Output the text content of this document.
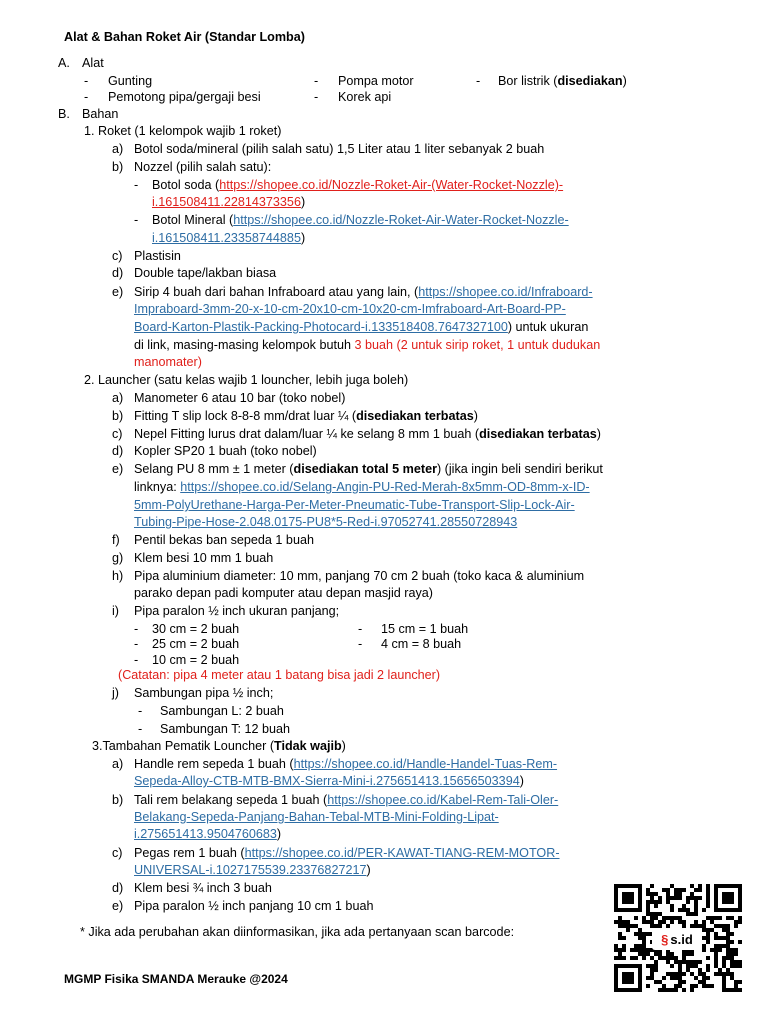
Alat & Bahan Roket Air (Standar Lomba)
A. Alat
- Gunting	- Pompa motor	- Bor listrik (disediakan)
- Pemotong pipa/gergaji besi	- Korek api
B. Bahan
1. Roket (1 kelompok wajib 1 roket)
a) Botol soda/mineral (pilih salah satu) 1,5 Liter atau 1 liter sebanyak 2 buah
b) Nozzel (pilih salah satu):
- Botol soda (https://shopee.co.id/Nozzle-Roket-Air-(Water-Rocket-Nozzle)-
i.161508411.22814373356)
- Botol Mineral (https://shopee.co.id/Nozzle-Roket-Air-Water-Rocket-Nozzle-
i.161508411.23358744885)
c) Plastisin
d) Double tape/lakban biasa
e) Sirip 4 buah dari bahan Infraboard atau yang lain, (https://shopee.co.id/Infraboard-
Impraboard-3mm-20-x-10-cm-20x10-cm-10x20-cm-Imfraboard-Art-Board-PP-
Board-Karton-Plastik-Packing-Photocard-i.133518408.7647327100) untuk ukuran
di link, masing-masing kelompok butuh 3 buah (2 untuk sirip roket, 1 untuk dudukan
manomater)
2. Launcher (satu kelas wajib 1 louncher, lebih juga boleh)
a) Manometer 6 atau 10 bar (toko nobel)
b) Fitting T slip lock 8-8-8 mm/drat luar ¼ (disediakan terbatas)
c) Nepel Fitting lurus drat dalam/luar ¼ ke selang 8 mm 1 buah (disediakan terbatas)
d) Kopler SP20 1 buah (toko nobel)
e) Selang PU 8 mm ± 1 meter (disediakan total 5 meter) (jika ingin beli sendiri berikut
linknya: https://shopee.co.id/Selang-Angin-PU-Red-Merah-8x5mm-OD-8mm-x-ID-
5mm-PolyUrethane-Harga-Per-Meter-Pneumatic-Tube-Transport-Slip-Lock-Air-
Tubing-Pipe-Hose-2.048.0175-PU8*5-Red-i.97052741.28550728943
f) Pentil bekas ban sepeda 1 buah
g) Klem besi 10 mm 1 buah
h) Pipa aluminium diameter: 10 mm, panjang 70 cm 2 buah (toko kaca & aluminium
parako depan padi komputer atau depan masjid raya)
i) Pipa paralon ½ inch ukuran panjang;
- 30 cm = 2 buah	- 15 cm = 1 buah
- 25 cm = 2 buah	- 4 cm = 8 buah
- 10 cm = 2 buah
(Catatan: pipa 4 meter atau 1 batang bisa jadi 2 launcher)
j) Sambungan pipa ½ inch;
- Sambungan L: 2 buah
- Sambungan T: 12 buah
3.Tambahan Pematik Louncher (Tidak wajib)
a) Handle rem sepeda 1 buah (https://shopee.co.id/Handle-Handel-Tuas-Rem-
Sepeda-Alloy-CTB-MTB-BMX-Sierra-Mini-i.275651413.15656503394)
b) Tali rem belakang sepeda 1 buah (https://shopee.co.id/Kabel-Rem-Tali-Oler-
Belakang-Sepeda-Panjang-Bahan-Tebal-MTB-Mini-Folding-Lipat-
i.275651413.9504760683)
c) Pegas rem 1 buah (https://shopee.co.id/PER-KAWAT-TIANG-REM-MOTOR-
UNIVERSAL-i.1027175539.23376827217)
d) Klem besi ¾ inch 3 buah
e) Pipa paralon ½ inch panjang 10 cm 1 buah
* Jika ada perubahan akan diinformasikan, jika ada pertanyaan scan barcode:
MGMP Fisika SMANDA Merauke @2024
§ s.id
